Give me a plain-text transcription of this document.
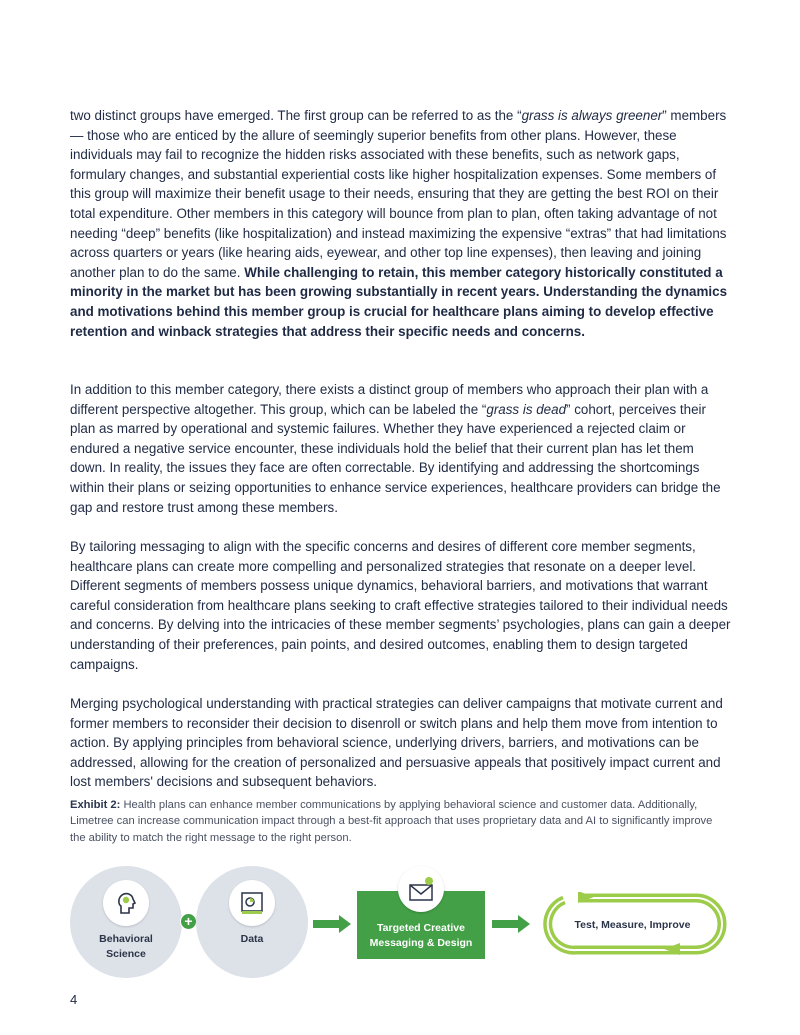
two distinct groups have emerged. The first group can be referred to as the “grass is always greener” members — those who are enticed by the allure of seemingly superior benefits from other plans. However, these individuals may fail to recognize the hidden risks associated with these benefits, such as network gaps, formulary changes, and substantial experiential costs like higher hospitalization expenses. Some members of this group will maximize their benefit usage to their needs, ensuring that they are getting the best ROI on their total expenditure. Other members in this category will bounce from plan to plan, often taking advantage of not needing “deep” benefits (like hospitalization) and instead maximizing the expensive “extras” that had limitations across quarters or years (like hearing aids, eyewear, and other top line expenses), then leaving and joining another plan to do the same. While challenging to retain, this member category historically constituted a minority in the market but has been growing substantially in recent years. Understanding the dynamics and motivations behind this member group is crucial for healthcare plans aiming to develop effective retention and winback strategies that address their specific needs and concerns.

In addition to this member category, there exists a distinct group of members who approach their plan with a different perspective altogether. This group, which can be labeled the “grass is dead” cohort, perceives their plan as marred by operational and systemic failures. Whether they have experienced a rejected claim or endured a negative service encounter, these individuals hold the belief that their current plan has let them down. In reality, the issues they face are often correctable. By identifying and addressing the shortcomings within their plans or seizing opportunities to enhance service experiences, healthcare providers can bridge the gap and restore trust among these members.

By tailoring messaging to align with the specific concerns and desires of different core member segments, healthcare plans can create more compelling and personalized strategies that resonate on a deeper level. Different segments of members possess unique dynamics, behavioral barriers, and motivations that warrant careful consideration from healthcare plans seeking to craft effective strategies tailored to their individual needs and concerns. By delving into the intricacies of these member segments’ psychologies, plans can gain a deeper understanding of their preferences, pain points, and desired outcomes, enabling them to design targeted campaigns.

Merging psychological understanding with practical strategies can deliver campaigns that motivate current and former members to reconsider their decision to disenroll or switch plans and help them move from intention to action. By applying principles from behavioral science, underlying drivers, barriers, and motivations can be addressed, allowing for the creation of personalized and persuasive appeals that positively impact current and lost members' decisions and subsequent behaviors.

Exhibit 2: Health plans can enhance member communications by applying behavioral science and customer data. Additionally, Limetree can increase communication impact through a best-fit approach that uses proprietary data and AI to significantly improve the ability to match the right message to the right person.
Behavioral Science
+
Data
Targeted Creative Messaging & Design
Test, Measure, Improve
4
